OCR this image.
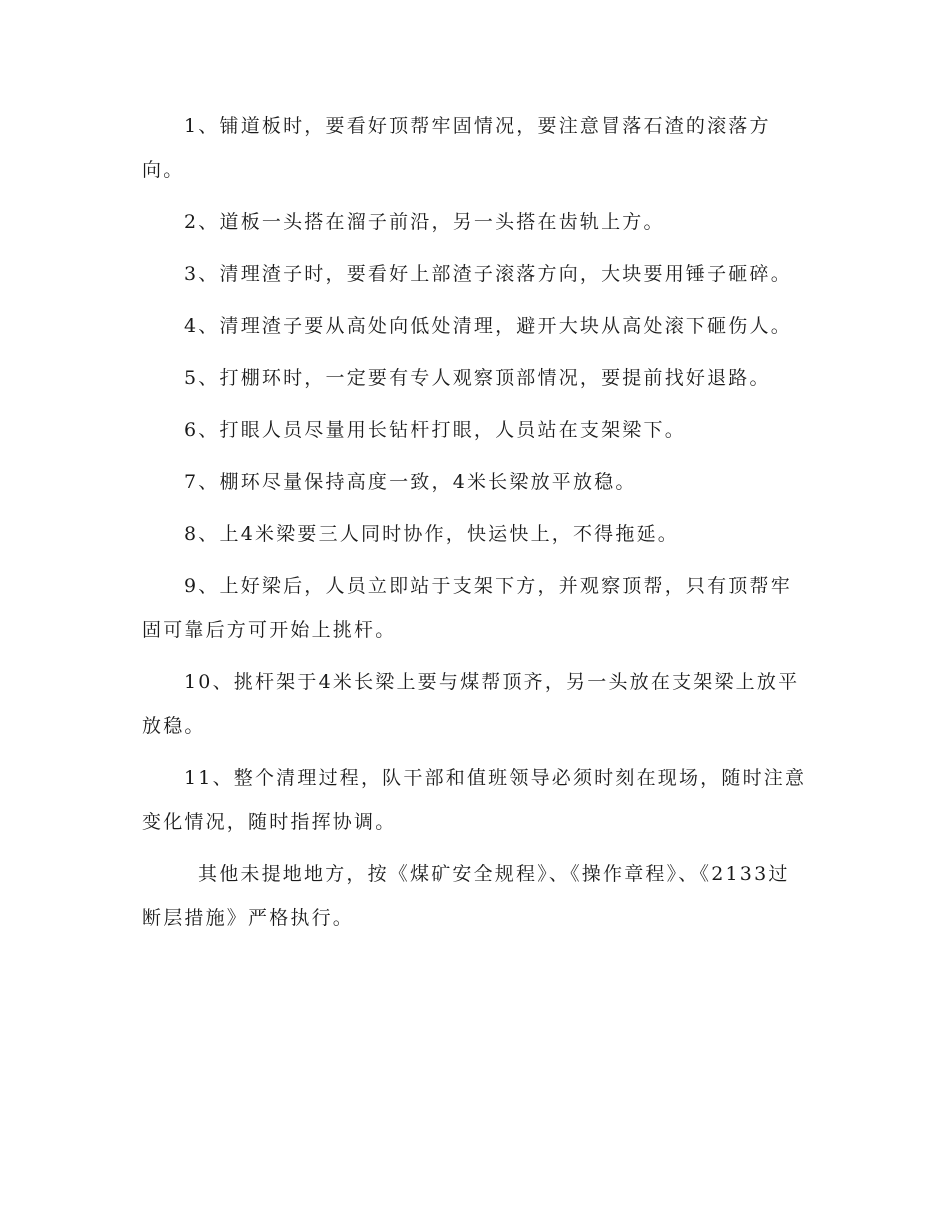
1、铺道板时，要看好顶帮牢固情况，要注意冒落石渣的滚落方向。

2、道板一头搭在溜子前沿，另一头搭在齿轨上方。

3、清理渣子时，要看好上部渣子滚落方向，大块要用锤子砸碎。

4、清理渣子要从高处向低处清理，避开大块从高处滚下砸伤人。

5、打棚环时，一定要有专人观察顶部情况，要提前找好退路。

6、打眼人员尽量用长钻杆打眼，人员站在支架梁下。

7、棚环尽量保持高度一致，4米长梁放平放稳。

8、上4米梁要三人同时协作，快运快上，不得拖延。

9、上好梁后，人员立即站于支架下方，并观察顶帮，只有顶帮牢固可靠后方可开始上挑杆。

10、挑杆架于4米长梁上要与煤帮顶齐，另一头放在支架梁上放平放稳。

11、整个清理过程，队干部和值班领导必须时刻在现场，随时注意变化情况，随时指挥协调。

其他未提地地方，按《煤矿安全规程》、《操作章程》、《2133过断层措施》严格执行。
